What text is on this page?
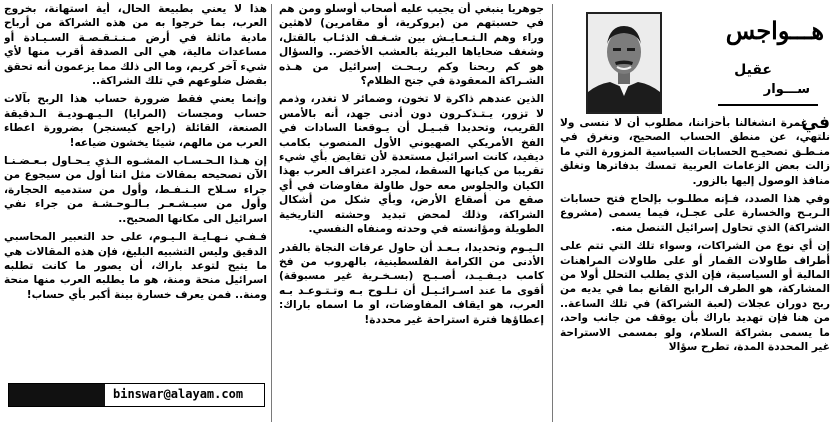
هـــواجس
عقيل
ســـوار
في

غمرة انشغالنا بأحزاننا، مطلوب أن لا ننسى ولا نلتهي، عن منطق الحساب الصحيح، ونغرق في منـطـق تصحيـح الحسابات السياسية المزورة التي ما زالت بعض الزعامات العربية تمسك بدفاترها وتغلق منافذ الوصول إليها بالزور.

وفي هذا الصدد، فـإنه مطلـوب بإلحاح فتح حسابات الـربـح والخسارة على عجـل، فيما يسمى (مشروع الشراكة) الذي تحاول إسرائيل التنصل منه.

إن أي نوع من الشراكات، وسواء تلك التي تتم على أطراف طاولات القمار أو على طاولات المراهنات المالية أو السياسية، فإن الذي يطلب التحلل أولا من المشاركة، هو الطرف الرابح القانع بما في يديه من ربح دوران عجلات (لعبة الشراكة) في تلك الساعة.. من هنا فإن تهديد باراك بأن يوقف من جانب واحد، ما يسمى بشراكة السلام، ولو بمسمى الاستراحة غير المحددة المدة، تطرح سؤالا

جوهريا ينبغي أن يجيب عليه أصحاب أوسلو ومن هم في حسبتهم من (بروكرية، أو مقامرين) لاهثين وراء وهم الـتـعـايـش بين شـغـف الذئـاب بالقتل، وشغف ضحاياها البريئة بالعشب الأخضر.. والسؤال هو كم ربحنا وكم ربـحـت إسرائيل من هـذه الشـراكة المعقودة في جنح الظلام؟

الذين عندهم ذاكرة لا تخون، وضمائر لا تغدر، وذمم لا تزور، يـتـذكـرون دون أدنى جهد، أنه بالأمس القريب، وتحديدا قبـيـل أن يـوقعنا السادات في الفخ الأمريكي الصهيوني الأول المنصوب بكامب ديفيد، كانت اسرائيل مستعدة لأن تقايض بأي شيء تقريبا من كيانها السقط، لمجرد اعتراف العرب بهذا الكيان والجلوس معه حول طاولة مفاوضات في أي صقع من أصقاع الأرض، وبأي شكل من أشكال الشراكة، وذلك لمحض تبديد وحشته التاريخية الطويلة ومؤانسته في وحدته ومنفاه النفسي.

الـيـوم وتحديدا، بـعـد أن حاول عرفات النجاة بالقدر الأدنى من الكرامة الفلسطينية، بالهروب من فخ كامب ديـفـيـد، أصـبـح (بسـخـرية غير مسبوقة) أقوى ما عند اسـرائـيـل أن تـلـوح بـه وتـتـوعـد بـه العرب، هو ايقاف المفاوضات، او ما اسماه باراك: إعطاؤها فترة استراحة غير محددة!

هذا لا يعني بطبيعة الحال، أية استهانة، بخروج العرب، بما خرجوا به من هذه الشراكة من أرباح مادية ماثلة في أرض مـنـتـقـصـة السـيـادة أو مساعدات مالية، هي الى الصدقة أقرب منها لأي شيء آخر كريم، وما الى ذلك مما يزعمون أنه تحقق بفضل ضلوعهم في تلك الشراكة..

وإنما يعني فقط ضرورة حساب هذا الربح بآلات حساب ومجسات (المرايا) الـيـهـوديـة الـدقيقة الصنعة، القائلة (راجع كيسنجر) بضرورة اعطاء العرب من مالهم، شيئا يخشون ضياعه!

إن هـذا الـحـسـاب المشـوه الـذي يـحـاول بـعـضـنـا الآن تصحيحه بمقالات مثل اننا أول من سيجوع من جراء سـلاح الـنـفـط، وأول من ستدميه الحجارة، وأول من سيـشـعـر بـالـوحـشـة من جراء نفي اسرائيل الى مكانها الصحيح..

فـفـي نـهـايـة الـيـوم، على حد التعبير المحاسبي الدقيق وليس التشبيه البليغ، فإن هذه المقالات هي ما يتيح لتوعد باراك، أن يصور ما كانت تطلبه اسرائيل منحة ومنة، هو ما يطلبه العرب منها منحة ومنة.. فمن يعرف خسارة بينة أكبر بأي حساب!

binswar@alayam.com
